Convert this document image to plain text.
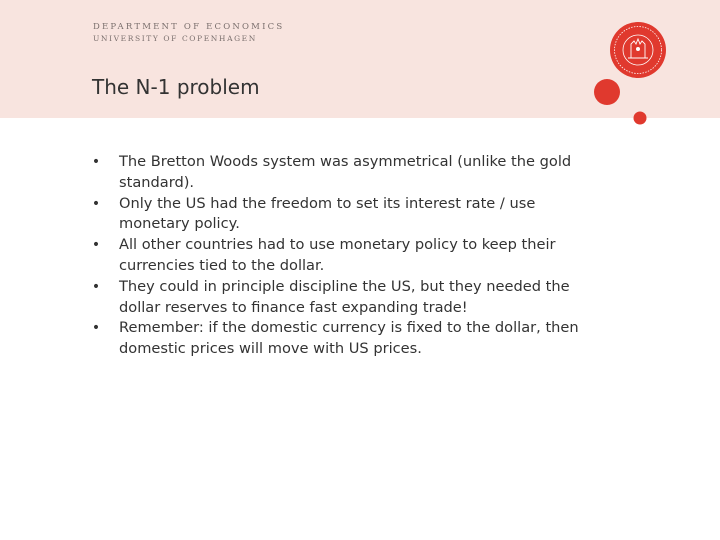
DEPARTMENT OF ECONOMICS
UNIVERSITY OF COPENHAGEN
The N-1 problem
• The Bretton Woods system was asymmetrical (unlike the gold standard).
• Only the US had the freedom to set its interest rate / use monetary policy.
• All other countries had to use monetary policy to keep their currencies tied to the dollar.
• They could in principle discipline the US, but they needed the dollar reserves to finance fast expanding trade!
• Remember: if the domestic currency is fixed to the dollar, then domestic prices will move with US prices.
